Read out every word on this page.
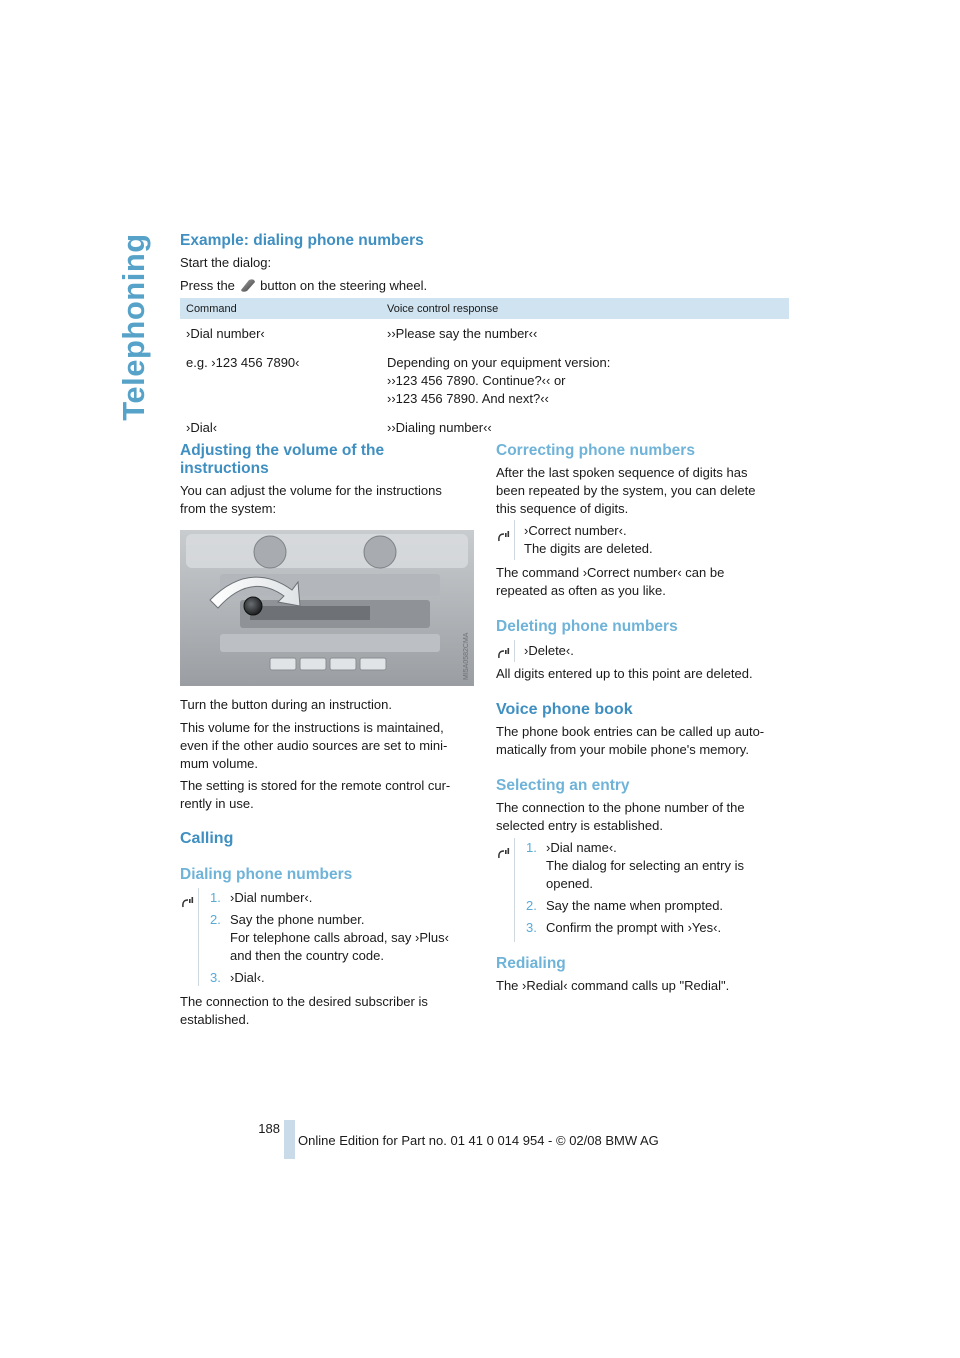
Telephoning Example: dialing phone numbers
Start the dialog:
Press the button on the steering wheel.
Command	Voice control response
›Dial number‹	››Please say the number‹‹
e.g. ›123 456 7890‹	Depending on your equipment version:
››123 456 7890. Continue?‹‹ or
››123 456 7890. And next?‹‹

›Dial‹	››Dialing number‹‹
Adjusting the volume of the
instructions
You can adjust the volume for the instructions
from the system:
MI5A0582CMA
Turn the button during an instruction.
This volume for the instructions is maintained,
even if the other audio sources are set to mini-
mum volume.
The setting is stored for the remote control cur-
rently in use.
Calling
Dialing phone numbers
1. ›Dial number‹.
2. Say the phone number.
For telephone calls abroad, say ›Plus‹
and then the country code.
3. ›Dial‹.
The connection to the desired subscriber is
established.
Correcting phone numbers
After the last spoken sequence of digits has
been repeated by the system, you can delete
this sequence of digits.
›Correct number‹.
The digits are deleted.
The command ›Correct number‹ can be
repeated as often as you like.
Deleting phone numbers
›Delete‹.
All digits entered up to this point are deleted.
Voice phone book
The phone book entries can be called up auto-
matically from your mobile phone's memory.
Selecting an entry
The connection to the phone number of the
selected entry is established.
1. ›Dial name‹.
The dialog for selecting an entry is
opened.
2. Say the name when prompted.
3. Confirm the prompt with ›Yes‹.
Redialing
The ›Redial‹ command calls up "Redial".
188
Online Edition for Part no. 01 41 0 014 954 - © 02/08 BMW AG
